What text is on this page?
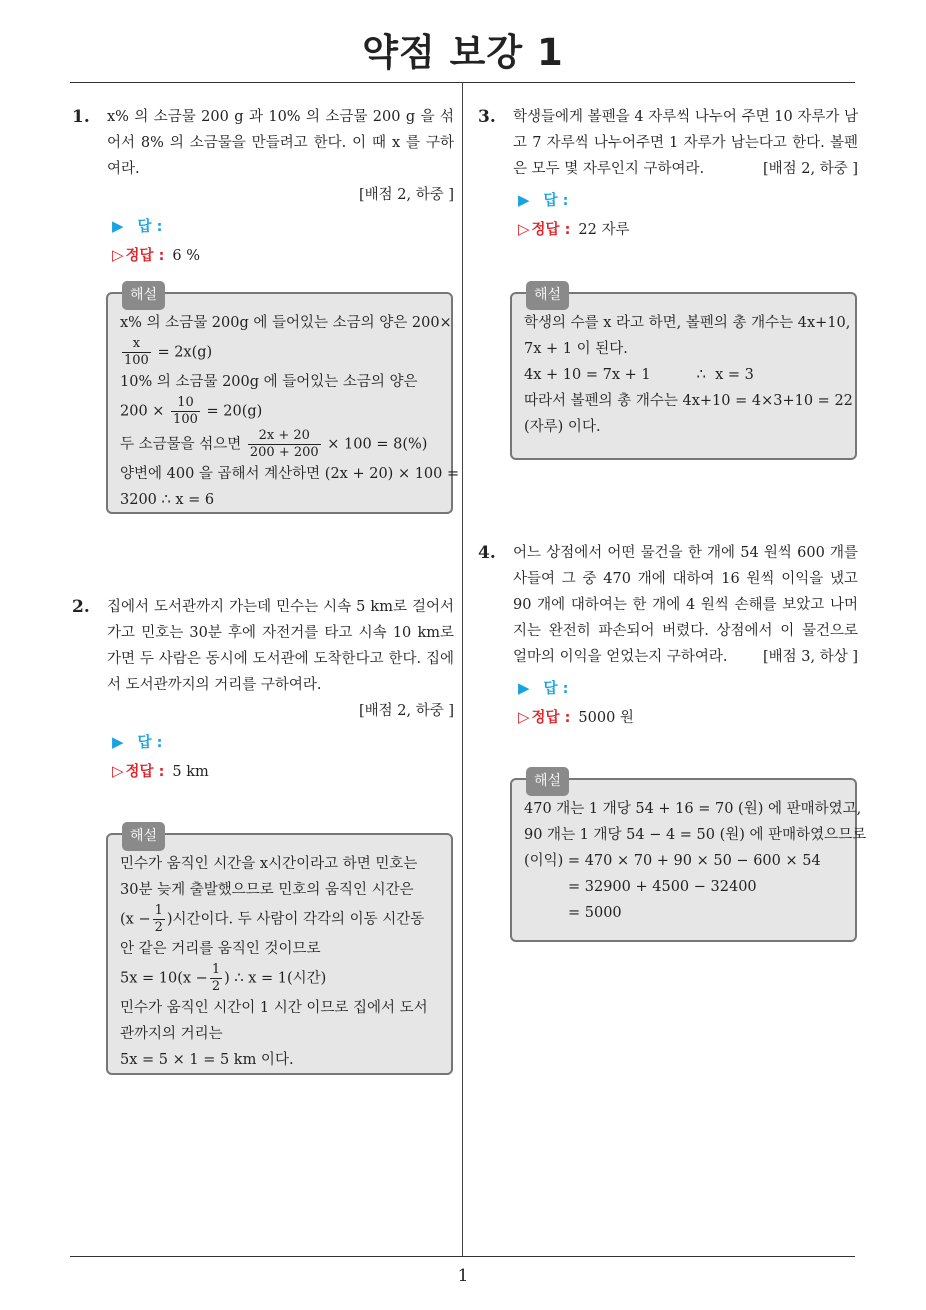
약점 보강 1
1
1. x% 의 소금물 200 g 과 10% 의 소금물 200 g 을 섞어서 8% 의 소금물을 만들려고 한다. 이 때 x 를 구하여라.
[배점 2, 하중 ]
▶ 답 :
▷ 정답 : 6 %
해설
x% 의 소금물 200g 에 들어있는 소금의 양은 200×
$\frac{x}{100} = 2x(g)$
10% 의 소금물 200g 에 들어있는 소금의 양은
$200 \times \frac{10}{100} = 20(g)$
두 소금물을 섞으면 $\frac{2x + 20}{200 + 200} \times 100 = 8(\%)$
양변에 400 을 곱해서 계산하면 (2x + 20) × 100 =
3200 ∴ x = 6
2. 집에서 도서관까지 가는데 민수는 시속 5 km로 걸어서가고 민호는 30분 후에 자전거를 타고 시속 10 km로 가면 두 사람은 동시에 도서관에 도착한다고 한다. 집에서 도서관까지의 거리를 구하여라.
[배점 2, 하중 ]
▶ 답 :
▷ 정답 : 5 km
해설
민수가 움직인 시간을 x시간이라고 하면 민호는
30분 늦게 출발했으므로 민호의 움직인 시간은
($x - \frac{1}{2}$ )시간이다. 두 사람이 각각의 이동 시간동
안 같은 거리를 움직인 것이므로
$5x = 10(x - \frac{1}{2}$ ) ∴ x = 1(시간)
민수가 움직인 시간이 1 시간 이므로 집에서 도서
관까지의 거리는
5x = 5 × 1 = 5 km 이다.
3. 학생들에게 볼펜을 4 자루씩 나누어 주면 10 자루가 남고 7 자루씩 나누어주면 1 자루가 남는다고 한다. 볼펜은 모두 몇 자루인지 구하여라.	[배점 2, 하중 ]
▶ 답 :
▷ 정답 : 22 자루
해설
학생의 수를 x 라고 하면, 볼펜의 총 개수는 4x+10,
7x + 1 이 된다.
4x + 10 = 7x + 1          ∴  x = 3
따라서 볼펜의 총 개수는 4x+10 = 4×3+10 = 22
(자루) 이다.
4. 어느 상점에서 어떤 물건을 한 개에 54 원씩 600 개를 사들여 그 중 470 개에 대하여 16 원씩 이익을 냈고 90 개에 대하여는 한 개에 4 원씩 손해를 보았고 나머지는 완전히 파손되어 버렸다. 상점에서 이 물건으로 얼마의 이익을 얻었는지 구하여라.	[배점 3, 하상 ]
▶ 답 :
▷ 정답 : 5000 원
해설
470 개는 1 개당 54 + 16 = 70 (원) 에 판매하였고,
90 개는 1 개당 54 − 4 = 50 (원) 에 판매하였으므로
(이익) = 470 × 70 + 90 × 50 − 600 × 54
= 32900 + 4500 − 32400
= 5000
